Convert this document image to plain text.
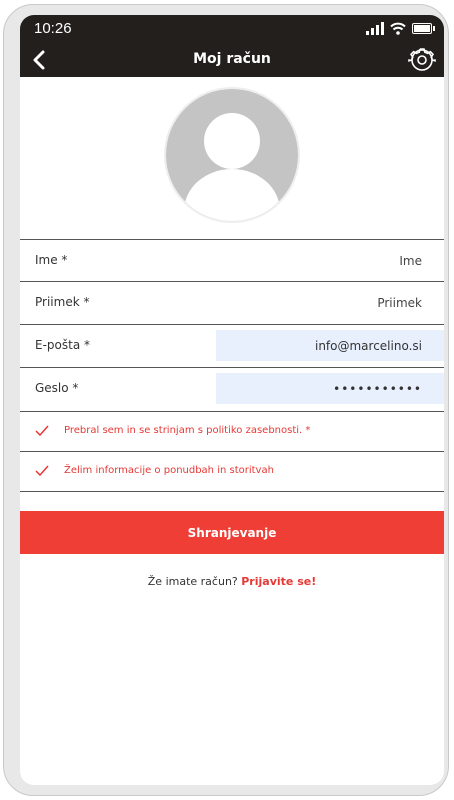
10:26
Moj račun
Ime *
Ime
Priimek *
Priimek
E-pošta *
info@marcelino.si
Geslo *
•••••••••••
Prebral sem in se strinjam s politiko zasebnosti. *
Želim informacije o ponudbah in storitvah
Shranjevanje
Že imate račun? Prijavite se!
